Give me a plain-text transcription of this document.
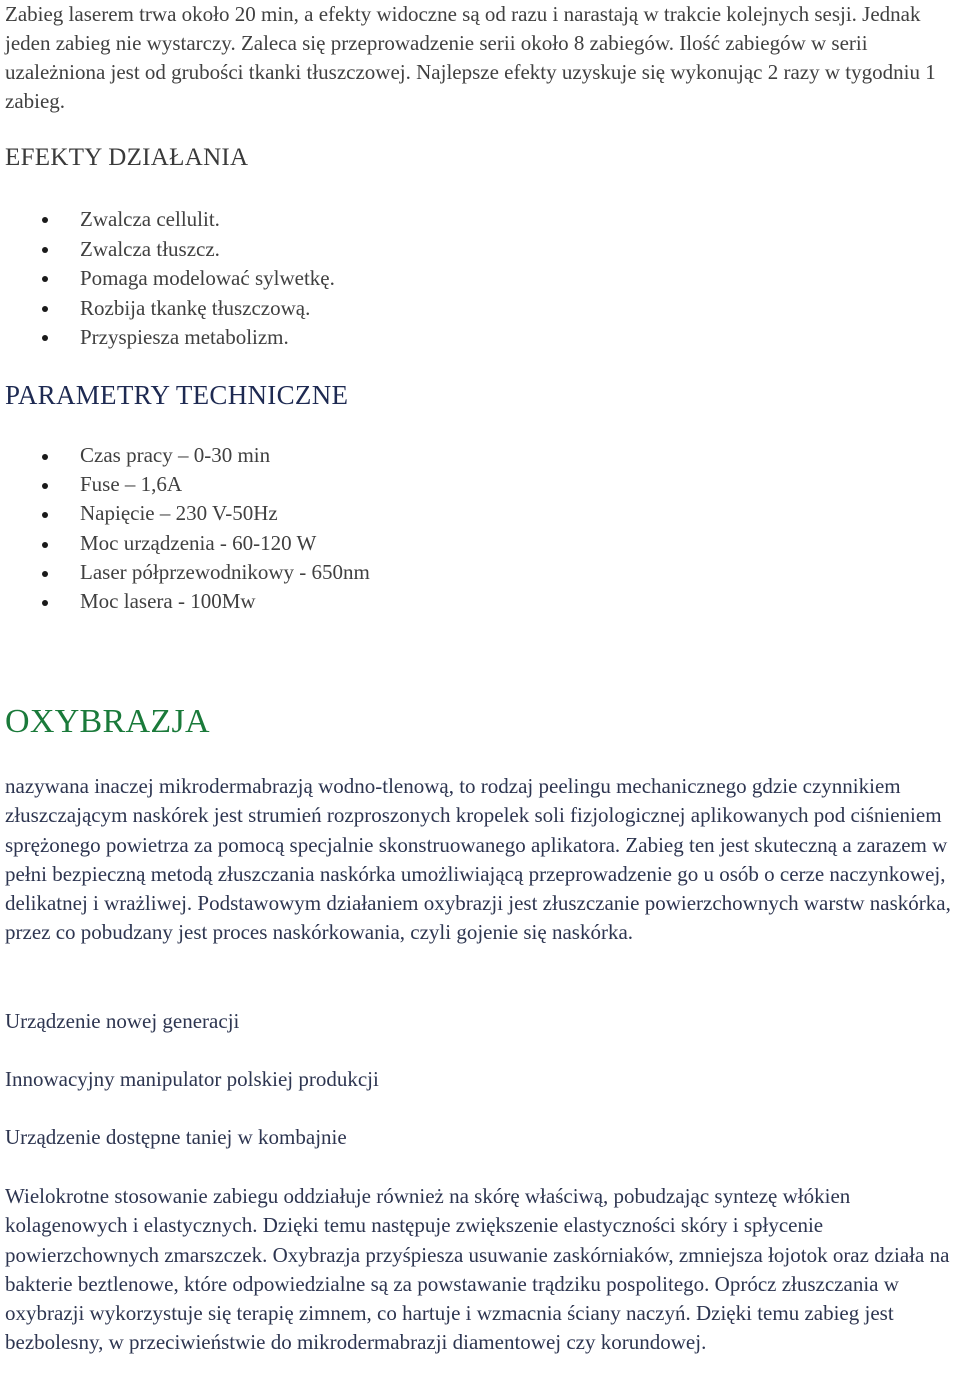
Zabieg laserem trwa około 20 min, a efekty widoczne są od razu i narastają w trakcie kolejnych sesji. Jednak jeden zabieg nie wystarczy. Zaleca się przeprowadzenie serii około 8 zabiegów. Ilość zabiegów w serii uzależniona jest od grubości tkanki tłuszczowej. Najlepsze efekty uzyskuje się wykonując 2 razy w tygodniu 1 zabieg.

EFEKTY DZIAŁANIA
Zwalcza cellulit.
Zwalcza tłuszcz.
Pomaga modelować sylwetkę.
Rozbija tkankę tłuszczową.
Przyspiesza metabolizm.
PARAMETRY TECHNICZNE
Czas pracy – 0-30 min
Fuse – 1,6A
Napięcie – 230 V-50Hz
Moc urządzenia - 60-120 W
Laser półprzewodnikowy - 650nm
Moc lasera - 100Mw
OXYBRAZJA

nazywana inaczej mikrodermabrazją wodno-tlenową, to rodzaj peelingu mechanicznego gdzie czynnikiem złuszczającym naskórek jest strumień rozproszonych kropelek soli fizjologicznej aplikowanych pod ciśnieniem sprężonego powietrza za pomocą specjalnie skonstruowanego aplikatora. Zabieg ten jest skuteczną a zarazem w pełni bezpieczną metodą złuszczania naskórka umożliwiającą przeprowadzenie go u osób o cerze naczynkowej, delikatnej i wrażliwej. Podstawowym działaniem oxybrazji jest złuszczanie powierzchownych warstw naskórka, przez co pobudzany jest proces naskórkowania, czyli gojenie się naskórka.

Urządzenie nowej generacji

Innowacyjny manipulator polskiej produkcji

Urządzenie dostępne taniej w kombajnie

Wielokrotne stosowanie zabiegu oddziałuje również na skórę właściwą, pobudzając syntezę włókien kolagenowych i elastycznych. Dzięki temu następuje zwiększenie elastyczności skóry i spłycenie powierzchownych zmarszczek. Oxybrazja przyśpiesza usuwanie zaskórniaków, zmniejsza łojotok oraz działa na bakterie beztlenowe, które odpowiedzialne są za powstawanie trądziku pospolitego. Oprócz złuszczania w oxybrazji wykorzystuje się terapię zimnem, co hartuje i wzmacnia ściany naczyń. Dzięki temu zabieg jest bezbolesny, w przeciwieństwie do mikrodermabrazji diamentowej czy korundowej.
